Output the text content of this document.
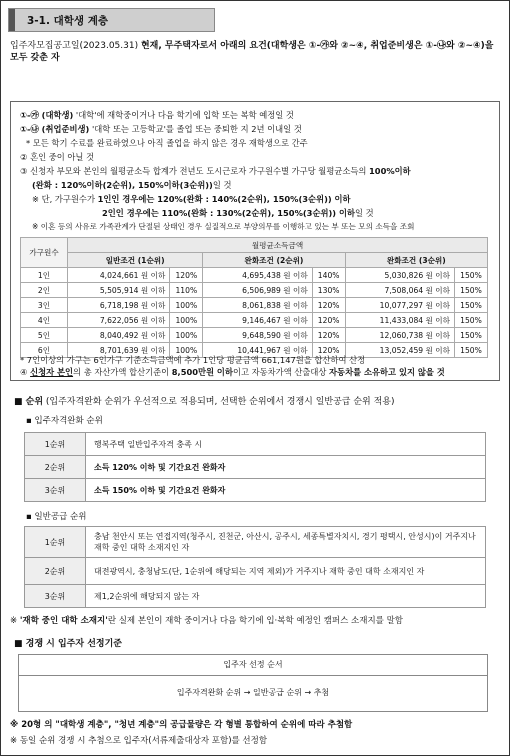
3-1. 대학생 계층
입주자모집공고일(2023.05.31) 현재, 무주택자로서 아래의 요건(대학생은 ①-㉮와 ②~④, 취업준비생은 ①-㉯와 ②~④)을 모두 갖춘 자
①-㉮ (대학생) '대학'에 재학중이거나 다음 학기에 입학 또는 복학 예정일 것
①-㉯ (취업준비생) '대학 또는 고등학교'를 졸업 또는 중퇴한 지 2년 이내일 것
* 모든 학기 수료를 완료하였으나 아직 졸업을 하지 않은 경우 재학생으로 간주
② 혼인 중이 아닐 것
③ 신청자 부모와 본인의 월평균소득 합계가 전년도 도시근로자 가구원수별 가구당 월평균소득의 100%이하
(완화 : 120%이하(2순위), 150%이하(3순위))일 것
※ 단, 가구원수가 1인인 경우에는 120%(완화 : 140%(2순위), 150%(3순위)) 이하
2인인 경우에는 110%(완화 : 130%(2순위), 150%(3순위)) 이하일 것
※ 이혼 등의 사유로 가족관계가 단절된 상태인 경우 실질적으로 부양의무를 이행하고 있는 부 또는 모의 소득을 조회
가구원수	월평균소득금액					
	일반조건 (1순위)		완화조건 (2순위)		완화조건 (3순위)	
1인	4,024,661 원 이하	120%	4,695,438 원 이하	140%	5,030,826 원 이하	150%
2인	5,505,914 원 이하	110%	6,506,989 원 이하	130%	7,508,064 원 이하	150%
3인	6,718,198 원 이하	100%	8,061,838 원 이하	120%	10,077,297 원 이하	150%
4인	7,622,056 원 이하	100%	9,146,467 원 이하	120%	11,433,084 원 이하	150%
5인	8,040,492 원 이하	100%	9,648,590 원 이하	120%	12,060,738 원 이하	150%
6인	8,701,639 원 이하	100%	10,441,967 원 이하	120%	13,052,459 원 이하	150%
* 7인이상의 가구는 6인가구 기준소득금액에 추가 1인당 평균금액 661,147원을 합산하여 산정
④ 신청자 본인의 총 자산가액 합산기준이 8,500만원 이하이고 자동차가액 산출대상 자동차를 소유하고 있지 않을 것
■ 순위 (입주자격완화 순위가 우선적으로 적용되며, 선택한 순위에서 경쟁시 일반공급 순위 적용)
▪ 입주자격완화 순위
1순위	행복주택 일반입주자격 충족 시
2순위	소득 120% 이하 및 기간요건 완화자
3순위	소득 150% 이하 및 기간요건 완화자
▪ 일반공급 순위
1순위	충남 천안시 또는 연접지역(청주시, 진천군, 아산시, 공주시, 세종특별자치시, 경기 평택시, 안성시)이 거주지나 재학 중인 대학 소재지인 자
2순위	대전광역시, 충청남도(단, 1순위에 해당되는 지역 제외)가 거주지나 재학 중인 대학 소재지인 자
3순위	제1,2순위에 해당되지 않는 자
※ '재학 중인 대학 소재지'란 실제 본인이 재학 중이거나 다음 학기에 입·복학 예정인 캠퍼스 소재지를 말함
■ 경쟁 시 입주자 선정기준
입주자 선정 순서
입주자격완화 순위 → 일반공급 순위 → 추첨
※ 20형 의 "대학생 계층", "청년 계층"의 공급물량은 각 형별 통합하여 순위에 따라 추첨함
※ 동일 순위 경쟁 시 추첨으로 입주자(서류제출대상자 포함)를 선정함
